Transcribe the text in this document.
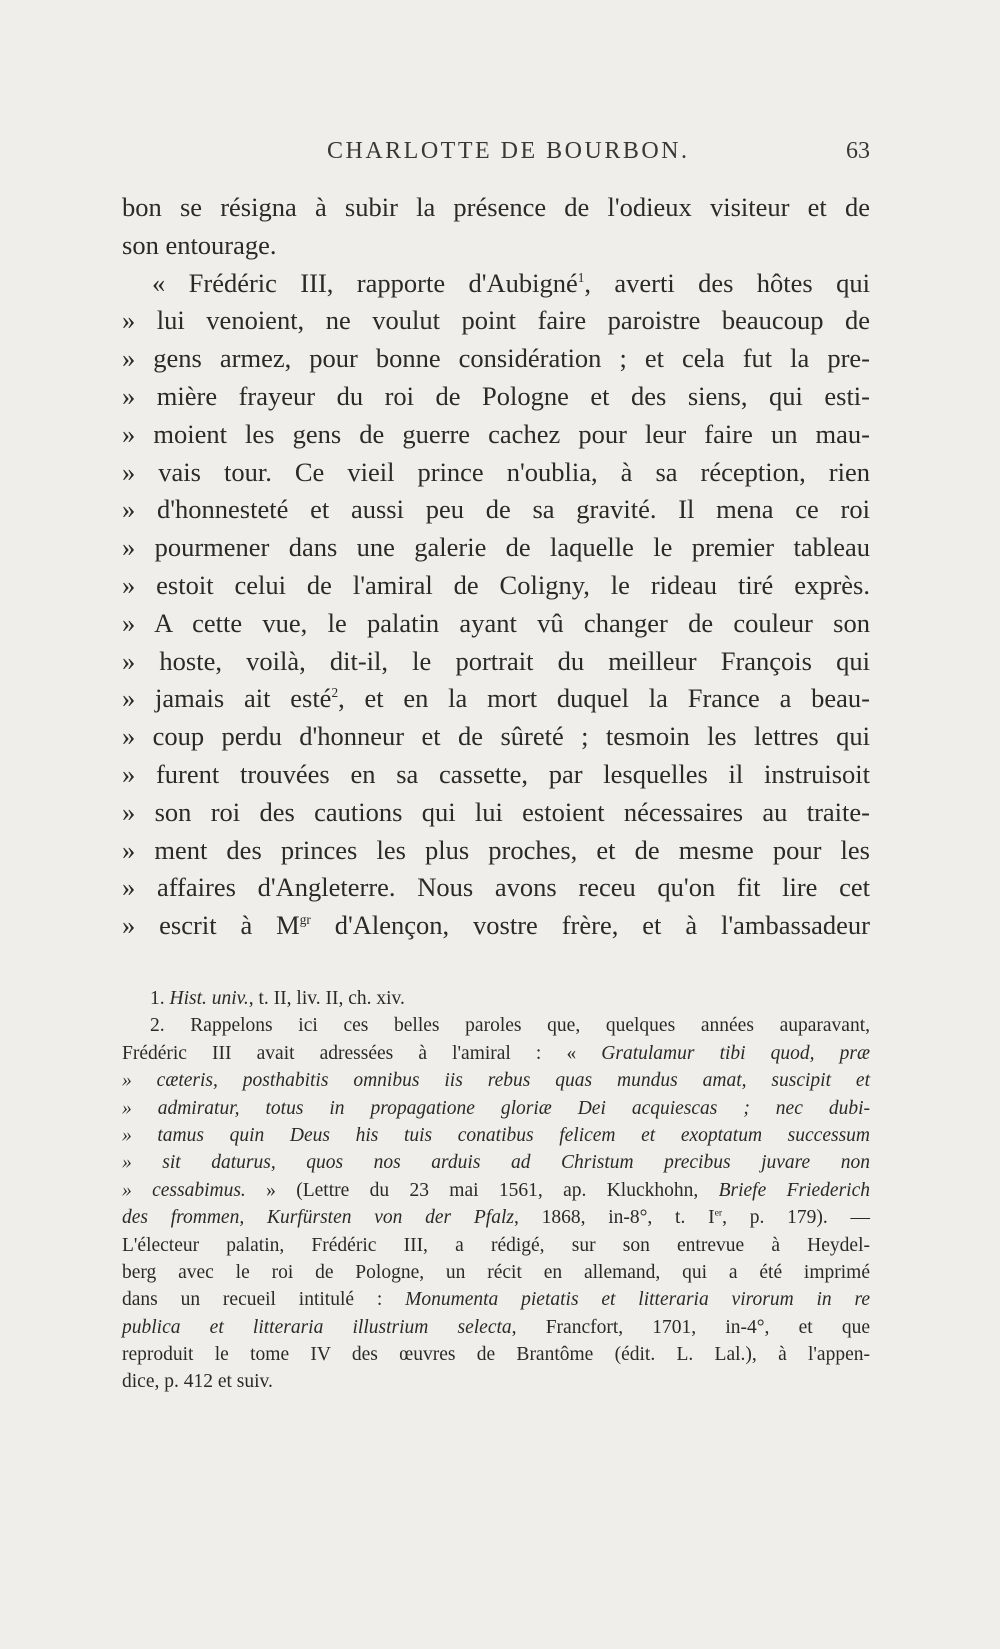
CHARLOTTE DE BOURBON.	63
bon se résigna à subir la présence de l'odieux visiteur et de
son entourage.
« Frédéric III, rapporte d'Aubigné$^1$, averti des hôtes qui
» lui venoient, ne voulut point faire paroistre beaucoup de
» gens armez, pour bonne considération ; et cela fut la pre-
» mière frayeur du roi de Pologne et des siens, qui esti-
» moient les gens de guerre cachez pour leur faire un mau-
» vais tour. Ce vieil prince n'oublia, à sa réception, rien
» d'honnesteté et aussi peu de sa gravité. Il mena ce roi
» pourmener dans une galerie de laquelle le premier tableau
» estoit celui de l'amiral de Coligny, le rideau tiré exprès.
» A cette vue, le palatin ayant vû changer de couleur son
» hoste, voilà, dit-il, le portrait du meilleur François qui
» jamais ait esté$^2$, et en la mort duquel la France a beau-
» coup perdu d'honneur et de sûreté ; tesmoin les lettres qui
» furent trouvées en sa cassette, par lesquelles il instruisoit
» son roi des cautions qui lui estoient nécessaires au traite-
» ment des princes les plus proches, et de mesme pour les
» affaires d'Angleterre. Nous avons receu qu'on fit lire cet
» escrit à $M^{gr}$ d'Alençon, vostre frère, et à l'ambassadeur
1. Hist. univ., t. II, liv. II, ch. xiv.
2. Rappelons ici ces belles paroles que, quelques années auparavant,
Frédéric III avait adressées à l'amiral : « Gratulamur tibi quod, præ
» cæteris, posthabitis omnibus iis rebus quas mundus amat, suscipit et
» admiratur, totus in propagatione gloriæ Dei acquiescas ; nec dubi-
» tamus quin Deus his tuis conatibus felicem et exoptatum successum
» sit daturus, quos nos arduis ad Christum precibus juvare non
» cessabimus. » (Lettre du 23 mai 1561, ap. Kluckhohn, Briefe Friederich
des frommen, Kurfürsten von der Pfalz, 1868, in-8°, t. Ier, p. 179). —
L'électeur palatin, Frédéric III, a rédigé, sur son entrevue à Heydel-
berg avec le roi de Pologne, un récit en allemand, qui a été imprimé
dans un recueil intitulé : Monumenta pietatis et litteraria virorum in re
publica et litteraria illustrium selecta, Francfort, 1701, in-4°, et que
reproduit le tome IV des œuvres de Brantôme (édit. L. Lal.), à l'appen-
dice, p. 412 et suiv.
